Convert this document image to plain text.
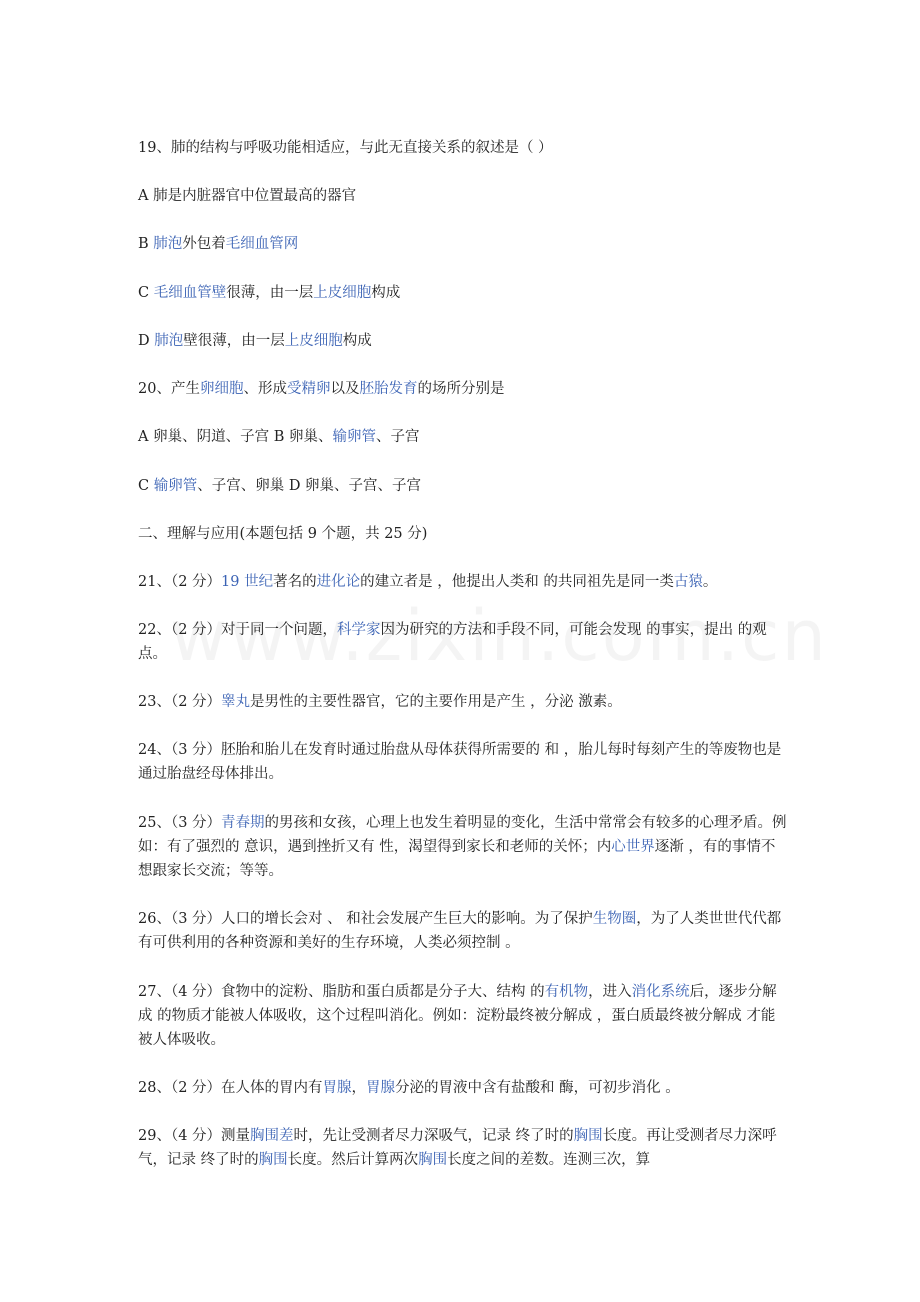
19、肺的结构与呼吸功能相适应，与此无直接关系的叙述是（ ）

A 肺是内脏器官中位置最高的器官

B 肺泡外包着毛细血管网

C 毛细血管壁很薄，由一层上皮细胞构成

D 肺泡壁很薄，由一层上皮细胞构成

20、产生卵细胞、形成受精卵以及胚胎发育的场所分别是

A 卵巢、阴道、子宫 B 卵巢、输卵管、子宫

C 输卵管、子宫、卵巢 D 卵巢、子宫、子宫

二、理解与应用(本题包括 9 个题，共 25 分)

21、（2 分）19 世纪著名的进化论的建立者是 ，他提出人类和 的共同祖先是同一类古猿。

22、（2 分）对于同一个问题，科学家因为研究的方法和手段不同，可能会发现 的事实，提出 的观点。

23、（2 分）睾丸是男性的主要性器官，它的主要作用是产生 ，分泌 激素。

24、（3 分）胚胎和胎儿在发育时通过胎盘从母体获得所需要的 和 ，胎儿每时每刻产生的等废物也是通过胎盘经母体排出。

25、（3 分）青春期的男孩和女孩，心理上也发生着明显的变化，生活中常常会有较多的心理矛盾。例如：有了强烈的 意识，遇到挫折又有 性，渴望得到家长和老师的关怀；内心世界逐渐 ，有的事情不想跟家长交流；等等。

26、（3 分）人口的增长会对 、 和社会发展产生巨大的影响。为了保护生物圈，为了人类世世代代都有可供利用的各种资源和美好的生存环境，人类必须控制 。

27、（4 分）食物中的淀粉、脂肪和蛋白质都是分子大、结构 的有机物，进入消化系统后，逐步分解成 的物质才能被人体吸收，这个过程叫消化。例如：淀粉最终被分解成 ，蛋白质最终被分解成 才能被人体吸收。

28、（2 分）在人体的胃内有胃腺，胃腺分泌的胃液中含有盐酸和 酶，可初步消化 。

29、（4 分）测量胸围差时，先让受测者尽力深吸气，记录 终了时的胸围长度。再让受测者尽力深呼气，记录 终了时的胸围长度。然后计算两次胸围长度之间的差数。连测三次，算
